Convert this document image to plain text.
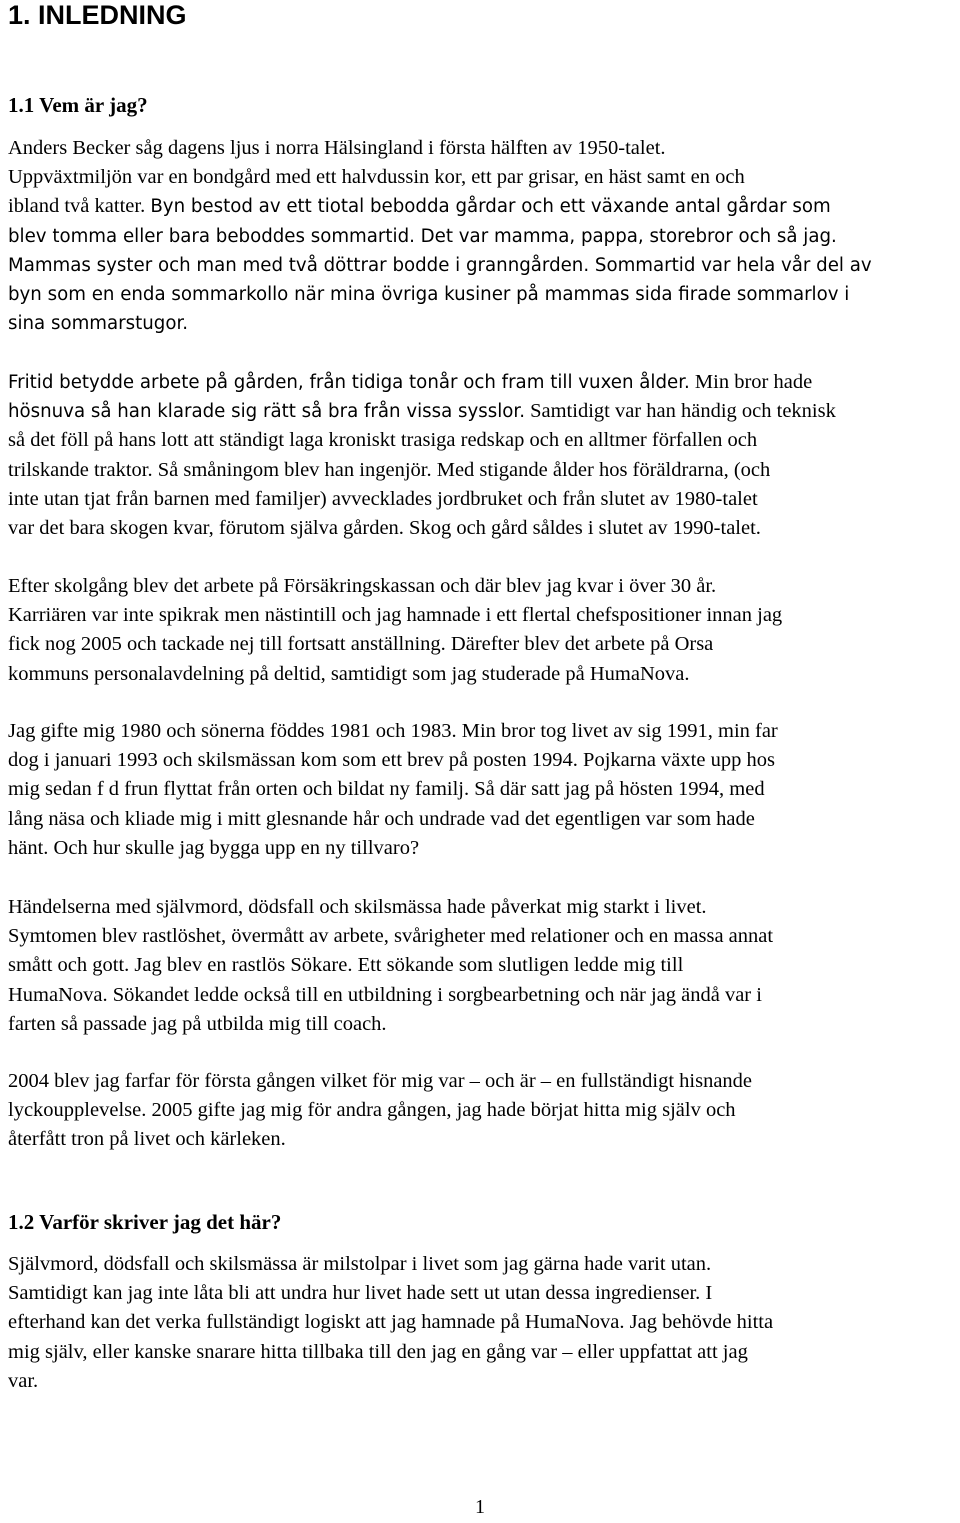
1. INLEDNING
1.1 Vem är jag?
Anders Becker såg dagens ljus i norra Hälsingland i första hälften av 1950-talet.
Uppväxtmiljön var en bondgård med ett halvdussin kor, ett par grisar, en häst samt en och
ibland två katter. Byn bestod av ett tiotal bebodda gårdar och ett växande antal gårdar som
blev tomma eller bara beboddes sommartid. Det var mamma, pappa, storebror och så jag.
Mammas syster och man med två döttrar bodde i granngården. Sommartid var hela vår del av
byn som en enda sommarkollo när mina övriga kusiner på mammas sida firade sommarlov i
sina sommarstugor.
Fritid betydde arbete på gården, från tidiga tonår och fram till vuxen ålder. Min bror hade
hösnuva så han klarade sig rätt så bra från vissa sysslor. Samtidigt var han händig och teknisk
så det föll på hans lott att ständigt laga kroniskt trasiga redskap och en alltmer förfallen och
trilskande traktor. Så småningom blev han ingenjör. Med stigande ålder hos föräldrarna, (och
inte utan tjat från barnen med familjer) avvecklades jordbruket och från slutet av 1980-talet
var det bara skogen kvar, förutom själva gården. Skog och gård såldes i slutet av 1990-talet.
Efter skolgång blev det arbete på Försäkringskassan och där blev jag kvar i över 30 år.
Karriären var inte spikrak men nästintill och jag hamnade i ett flertal chefspositioner innan jag
fick nog 2005 och tackade nej till fortsatt anställning. Därefter blev det arbete på Orsa
kommuns personalavdelning på deltid, samtidigt som jag studerade på HumaNova.
Jag gifte mig 1980 och sönerna föddes 1981 och 1983. Min bror tog livet av sig 1991, min far
dog i januari 1993 och skilsmässan kom som ett brev på posten 1994. Pojkarna växte upp hos
mig sedan f d frun flyttat från orten och bildat ny familj. Så där satt jag på hösten 1994, med
lång näsa och kliade mig i mitt glesnande hår och undrade vad det egentligen var som hade
hänt. Och hur skulle jag bygga upp en ny tillvaro?
Händelserna med självmord, dödsfall och skilsmässa hade påverkat mig starkt i livet.
Symtomen blev rastlöshet, övermått av arbete, svårigheter med relationer och en massa annat
smått och gott. Jag blev en rastlös Sökare. Ett sökande som slutligen ledde mig till
HumaNova. Sökandet ledde också till en utbildning i sorgbearbetning och när jag ändå var i
farten så passade jag på utbilda mig till coach.
2004 blev jag farfar för första gången vilket för mig var – och är – en fullständigt hisnande
lyckoupplevelse. 2005 gifte jag mig för andra gången, jag hade börjat hitta mig själv och
återfått tron på livet och kärleken.
1.2 Varför skriver jag det här?
Självmord, dödsfall och skilsmässa är milstolpar i livet som jag gärna hade varit utan.
Samtidigt kan jag inte låta bli att undra hur livet hade sett ut utan dessa ingredienser. I
efterhand kan det verka fullständigt logiskt att jag hamnade på HumaNova. Jag behövde hitta
mig själv, eller kanske snarare hitta tillbaka till den jag en gång var – eller uppfattat att jag
var.
1
